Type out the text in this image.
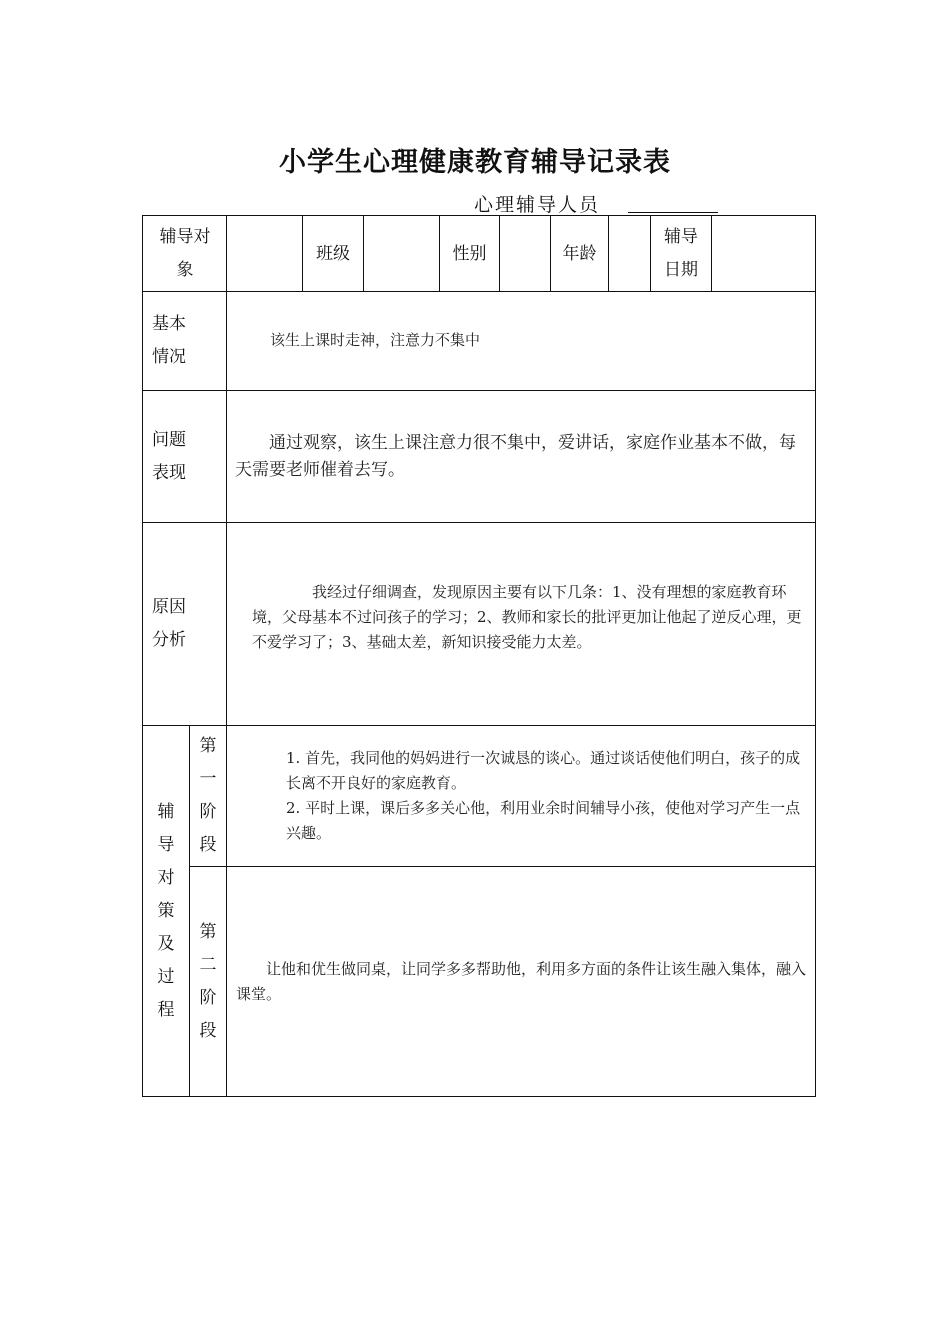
小学生心理健康教育辅导记录表
心理辅导人员
辅导对象
班级	性别	年龄
辅导日期
基本情况
该生上课时走神，注意力不集中
问题表现
通过观察，该生上课注意力很不集中，爱讲话，家庭作业基本不做，每天需要老师催着去写。
原因分析
我经过仔细调查，发现原因主要有以下几条：1、没有理想的家庭教育环境，父母基本不过问孩子的学习；2、教师和家长的批评更加让他起了逆反心理，更不爱学习了；3、基础太差，新知识接受能力太差。
辅导对策及过程
第一阶段
1. 首先，我同他的妈妈进行一次诚恳的谈心。通过谈话使他们明白，孩子的成长离不开良好的家庭教育。
2. 平时上课，课后多多关心他，利用业余时间辅导小孩，使他对学习产生一点兴趣。
第二阶段
让他和优生做同桌，让同学多多帮助他，利用多方面的条件让该生融入集体，融入课堂。
